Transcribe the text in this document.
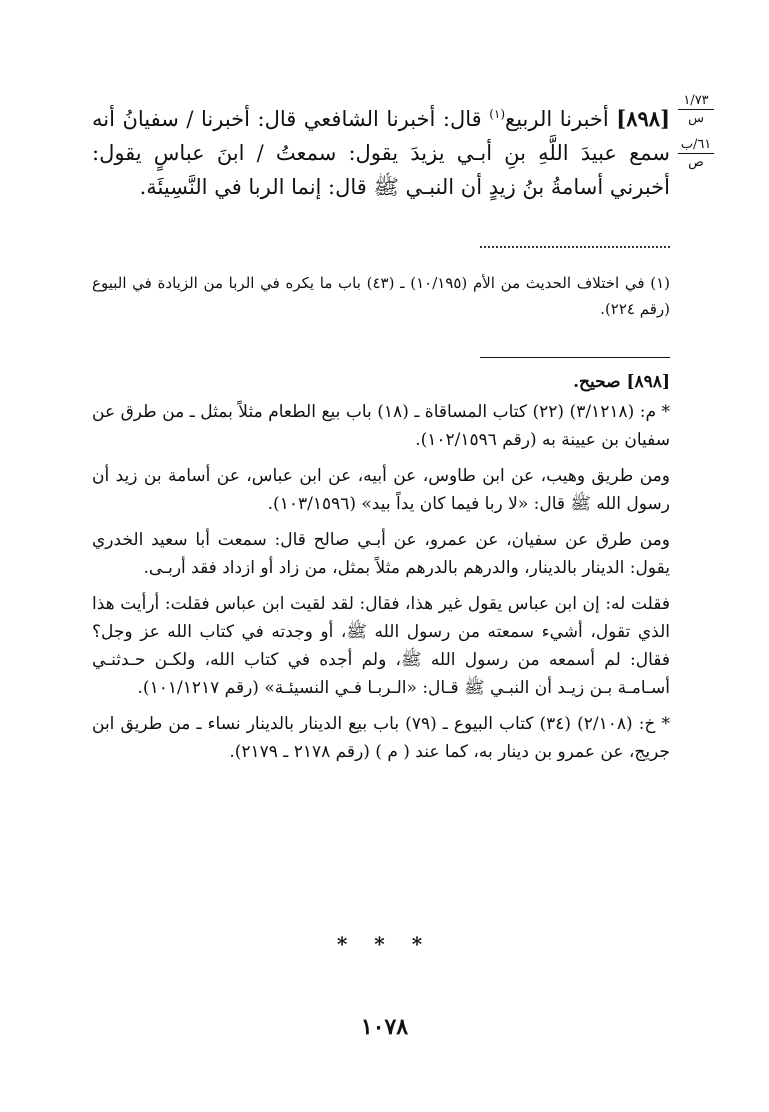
١/٧٣
س
٦١/ب
ص

[٨٩٨] أخبرنا الربيع$^{(١)}$ قال: أخبرنا الشافعي قال: أخبرنا / سفيانُ أنه سمع عبيدَ اللَّهِ بنِ أبـي يزيدَ يقول: سمعتُ / ابنَ عباسٍ يقول: أخبرني أسامةُ بنُ زيدٍ أن النبـي ﷺ قال: إنما الربا في النَّسِيئَة.

(١) في اختلاف الحديث من الأم (١٠/١٩٥) ـ (٤٣) باب ما يكره في الربا من الزيادة في البيوع (رقم ٢٢٤).
[٨٩٨] صحيح.
* م: (٣/١٢١٨) (٢٢) كتاب المساقاة ـ (١٨) باب بيع الطعام مثلاً بمثل ـ من طرق عن سفيان بن عيينة به (رقم ١٠٢/١٥٩٦).
ومن طريق وهيب، عن ابن طاوس، عن أبيه، عن ابن عباس، عن أسامة بن زيد أن رسول الله ﷺ قال: «لا ربا فيما كان يداً بيد» (١٠٣/١٥٩٦).
ومن طرق عن سفيان، عن عمرو، عن أبـي صالح قال: سمعت أبا سعيد الخدري يقول: الدينار بالدينار، والدرهم بالدرهم مثلاً بمثل، من زاد أو ازداد فقد أربـى.
فقلت له: إن ابن عباس يقول غير هذا، فقال: لقد لقيت ابن عباس فقلت: أرأيت هذا الذي تقول، أشيء سمعته من رسول الله ﷺ، أو وجدته في كتاب الله عز وجل؟ فقال: لم أسمعه من رسول الله ﷺ، ولم أجده في كتاب الله، ولكـن حـدثنـي أسـامـة بـن زيـد أن النبـي ﷺ قـال: «الـربـا فـي النسيئـة» (رقم ١٠١/١٢١٧).
* خ: (٢/١٠٨) (٣٤) كتاب البيوع ـ (٧٩) باب بيع الدينار بالدينار نساء ـ من طريق ابن جريج، عن عمرو بن دينار به، كما عند ( م ) (رقم ٢١٧٨ ـ ٢١٧٩).
* * *
١٠٧٨
